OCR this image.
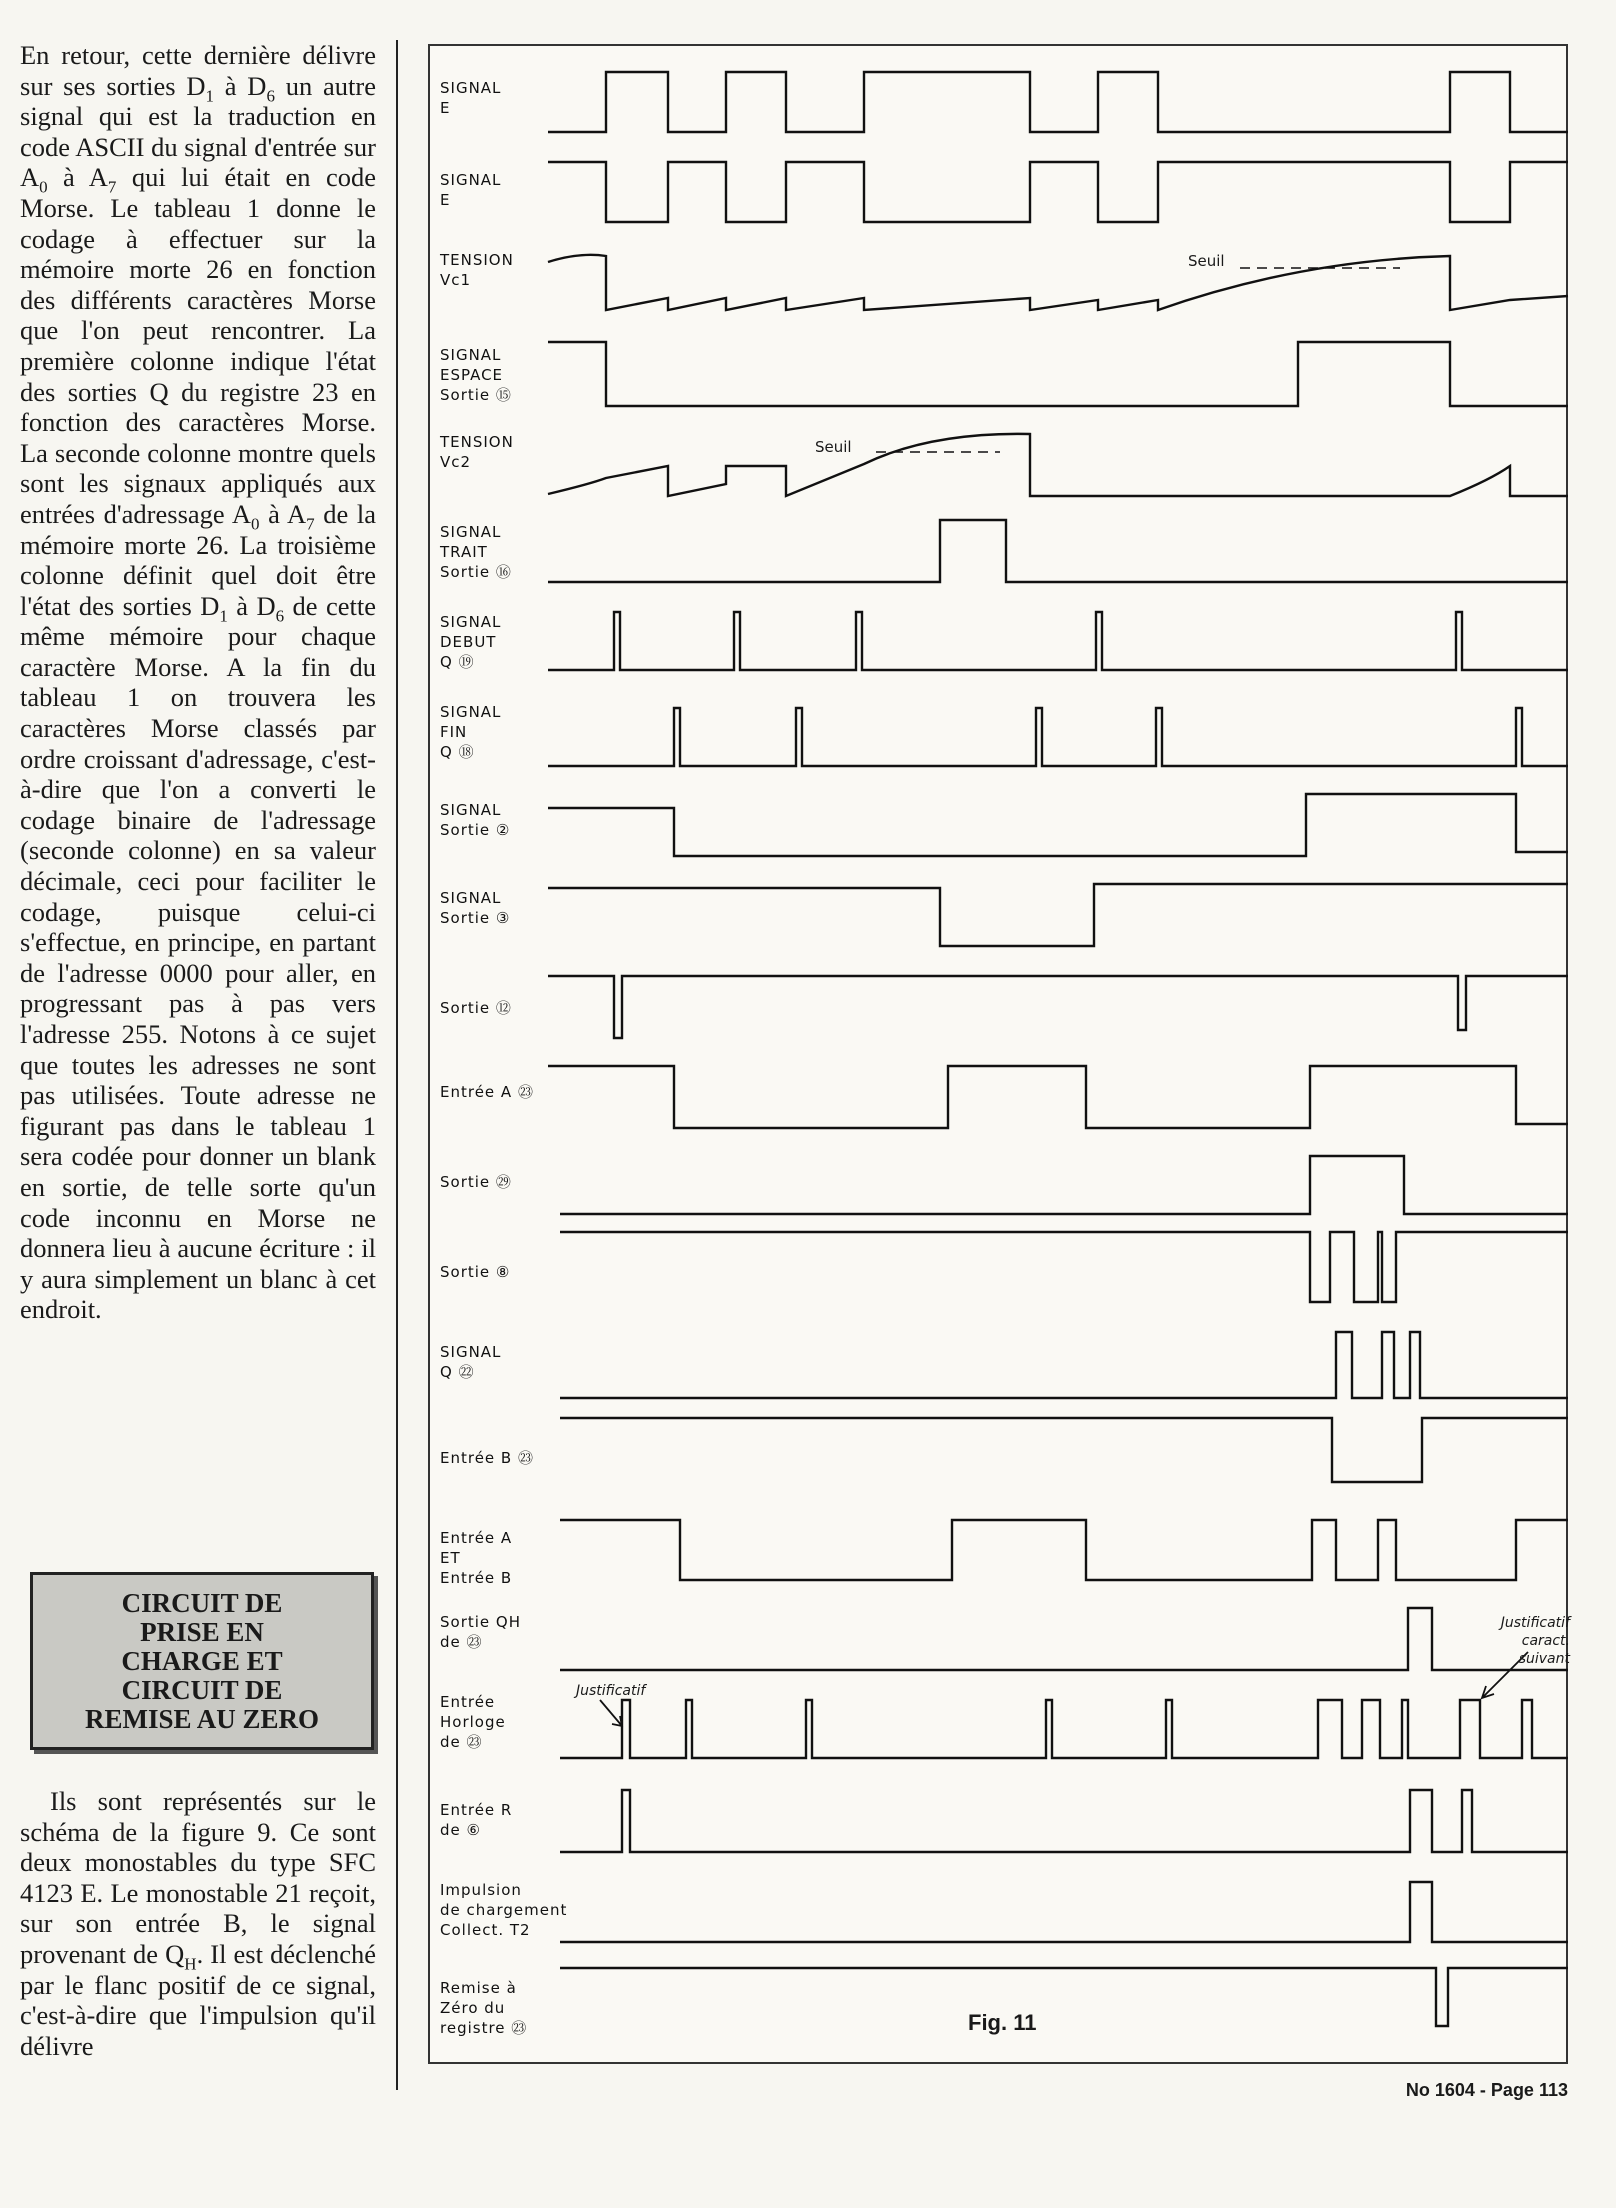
En retour, cette dernière délivre sur ses sorties $D_1$ à $D_6$ un autre signal qui est la traduction en code ASCII du signal d'entrée sur $A_0$ à $A_7$ qui lui était en code Morse. Le tableau 1 donne le codage à effectuer sur la mémoire morte 26 en fonction des différents caractères Morse que l'on peut rencontrer. La première colonne indique l'état des sorties Q du registre 23 en fonction des caractères Morse. La seconde colonne montre quels sont les signaux appliqués aux entrées d'adressage $A_0$ à $A_7$ de la mémoire morte 26. La troisième colonne définit quel doit être l'état des sorties $D_1$ à $D_6$ de cette même mémoire pour chaque caractère Morse. A la fin du tableau 1 on trouvera les caractères Morse classés par ordre croissant d'adressage, c'est-à-dire que l'on a converti le codage binaire de l'adressage (seconde colonne) en sa valeur décimale, ceci pour faciliter le codage, puisque celui-ci s'effectue, en principe, en partant de l'adresse 0000 pour aller, en progressant pas à pas vers l'adresse 255. Notons à ce sujet que toutes les adresses ne sont pas utilisées. Toute adresse ne figurant pas dans le tableau 1 sera codée pour donner un blank en sortie, de telle sorte qu'un code inconnu en Morse ne donnera lieu à aucune écriture : il y aura simplement un blanc à cet endroit.

CIRCUIT DE
PRISE EN
CHARGE ET
CIRCUIT DE
REMISE AU ZERO

Ils sont représentés sur le schéma de la figure 9. Ce sont deux monostables du type SFC 4123 E. Le monostable 21 reçoit, sur son entrée B, le signal provenant de $Q_H$. Il est déclenché par le flanc positif de ce signal, c'est-à-dire que l'impulsion qu'il délivre

SIGNAL
E
SIGNAL
E
TENSION
Vc1
SIGNAL
ESPACE
Sortie ⑮
TENSION
Vc2
SIGNAL
TRAIT
Sortie ⑯
SIGNAL
DEBUT
Q ⑲
SIGNAL
FIN
Q ⑱
SIGNAL
Sortie ②
SIGNAL
Sortie ③
Sortie ⑫
Entrée A ㉓
Sortie ㉙
Sortie ⑧
SIGNAL
Q ㉒
Entrée B ㉓
Entrée A
ET
Entrée B
Sortie QH
de ㉓
Entrée
Horloge
de ㉓
Entrée R
de ⑥
Impulsion
de chargement
Collect. T2
Remise à
Zéro du
registre ㉓
Seuil
Seuil
Justificatif
Justificatif
caract. suivant
Fig. 11
No 1604 - Page 113
